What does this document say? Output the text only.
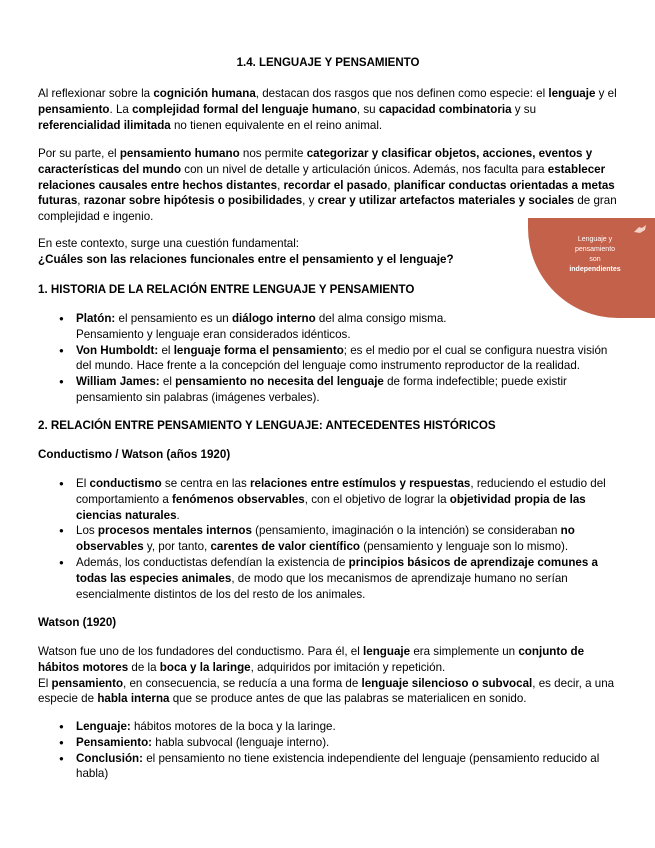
Lenguaje y
pensamiento
son
independientes
1.4. LENGUAJE Y PENSAMIENTO

Al reflexionar sobre la cognición humana, destacan dos rasgos que nos definen como especie: el lenguaje y el pensamiento. La complejidad formal del lenguaje humano, su capacidad combinatoria y su referencialidad ilimitada no tienen equivalente en el reino animal.

Por su parte, el pensamiento humano nos permite categorizar y clasificar objetos, acciones, eventos y características del mundo con un nivel de detalle y articulación únicos. Además, nos faculta para establecer relaciones causales entre hechos distantes, recordar el pasado, planificar conductas orientadas a metas futuras, razonar sobre hipótesis o posibilidades, y crear y utilizar artefactos materiales y sociales de gran complejidad e ingenio.

En este contexto, surge una cuestión fundamental:

¿Cuáles son las relaciones funcionales entre el pensamiento y el lenguaje?

1. HISTORIA DE LA RELACIÓN ENTRE LENGUAJE Y PENSAMIENTO
● Platón: el pensamiento es un diálogo interno del alma consigo misma.
Pensamiento y lenguaje eran considerados idénticos.
● Von Humboldt: el lenguaje forma el pensamiento; es el medio por el cual se configura nuestra visión del mundo. Hace frente a la concepción del lenguaje como instrumento reproductor de la realidad.
● William James: el pensamiento no necesita del lenguaje de forma indefectible; puede existir pensamiento sin palabras (imágenes verbales).
2. RELACIÓN ENTRE PENSAMIENTO Y LENGUAJE: ANTECEDENTES HISTÓRICOS
Conductismo / Watson (años 1920)
● El conductismo se centra en las relaciones entre estímulos y respuestas, reduciendo el estudio del comportamiento a fenómenos observables, con el objetivo de lograr la objetividad propia de las ciencias naturales.
● Los procesos mentales internos (pensamiento, imaginación o la intención) se consideraban no observables y, por tanto, carentes de valor científico (pensamiento y lenguaje son lo mismo).
● Además, los conductistas defendían la existencia de principios básicos de aprendizaje comunes a todas las especies animales, de modo que los mecanismos de aprendizaje humano no serían esencialmente distintos de los del resto de los animales.
Watson (1920)

Watson fue uno de los fundadores del conductismo. Para él, el lenguaje era simplemente un conjunto de hábitos motores de la boca y la laringe, adquiridos por imitación y repetición.
El pensamiento, en consecuencia, se reducía a una forma de lenguaje silencioso o subvocal, es decir, a una especie de habla interna que se produce antes de que las palabras se materialicen en sonido.

● Lenguaje: hábitos motores de la boca y la laringe.
● Pensamiento: habla subvocal (lenguaje interno).
● Conclusión: el pensamiento no tiene existencia independiente del lenguaje (pensamiento reducido al habla)
